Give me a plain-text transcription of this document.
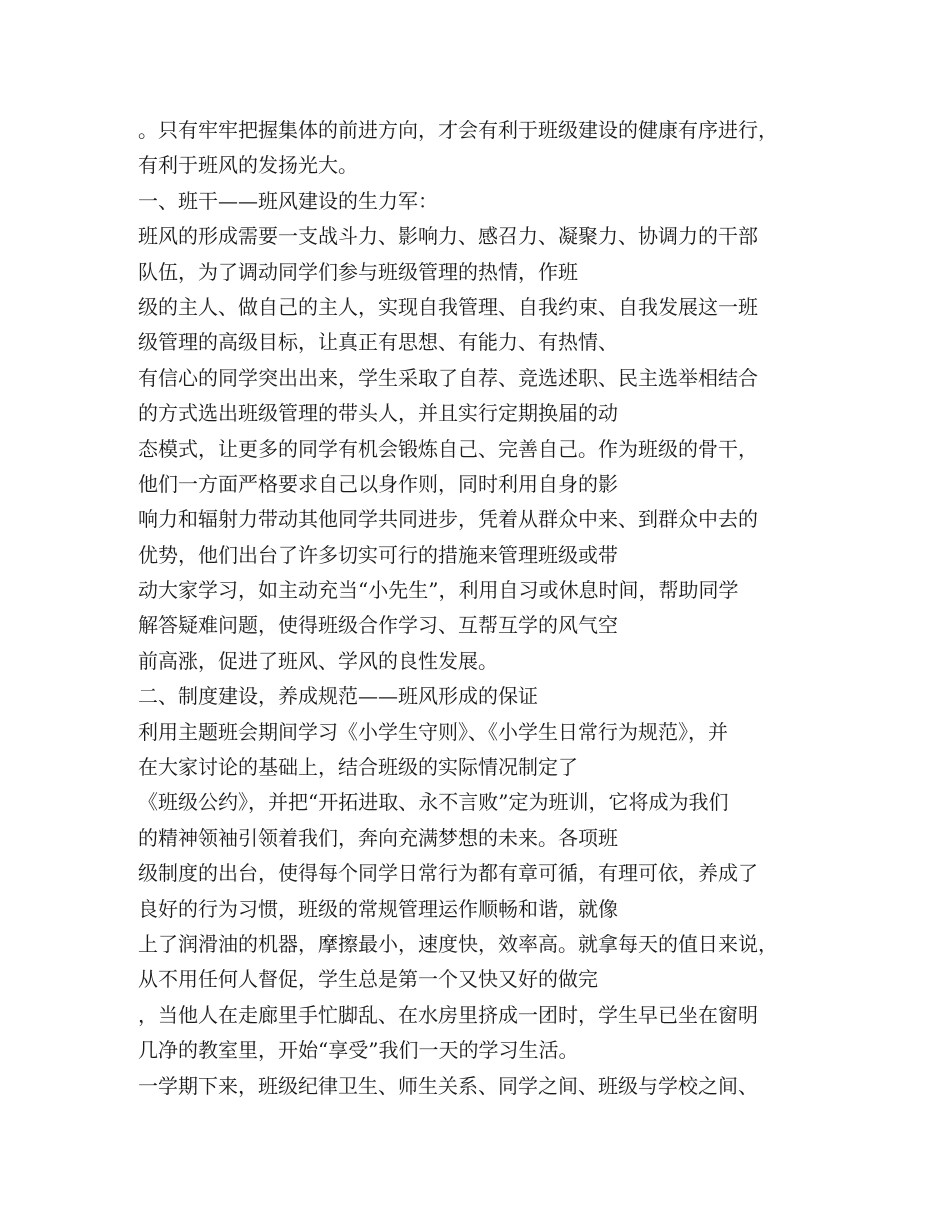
。只有牢牢把握集体的前进方向，才会有利于班级建设的健康有序进行，
有利于班风的发扬光大。
一、班干——班风建设的生力军：
班风的形成需要一支战斗力、影响力、感召力、凝聚力、协调力的干部
队伍，为了调动同学们参与班级管理的热情，作班
级的主人、做自己的主人，实现自我管理、自我约束、自我发展这一班
级管理的高级目标，让真正有思想、有能力、有热情、
有信心的同学突出出来，学生采取了自荐、竞选述职、民主选举相结合
的方式选出班级管理的带头人，并且实行定期换届的动
态模式，让更多的同学有机会锻炼自己、完善自己。作为班级的骨干，
他们一方面严格要求自己以身作则，同时利用自身的影
响力和辐射力带动其他同学共同进步，凭着从群众中来、到群众中去的
优势，他们出台了许多切实可行的措施来管理班级或带
动大家学习，如主动充当“小先生”，利用自习或休息时间，帮助同学
解答疑难问题，使得班级合作学习、互帮互学的风气空
前高涨，促进了班风、学风的良性发展。
二、制度建设，养成规范——班风形成的保证
利用主题班会期间学习《小学生守则》、《小学生日常行为规范》，并
在大家讨论的基础上，结合班级的实际情况制定了
《班级公约》，并把“开拓进取、永不言败”定为班训，它将成为我们
的精神领袖引领着我们，奔向充满梦想的未来。各项班
级制度的出台，使得每个同学日常行为都有章可循，有理可依，养成了
良好的行为习惯，班级的常规管理运作顺畅和谐，就像
上了润滑油的机器，摩擦最小，速度快，效率高。就拿每天的值日来说，
从不用任何人督促，学生总是第一个又快又好的做完
，当他人在走廊里手忙脚乱、在水房里挤成一团时，学生早已坐在窗明
几净的教室里，开始“享受”我们一天的学习生活。
一学期下来，班级纪律卫生、师生关系、同学之间、班级与学校之间、
